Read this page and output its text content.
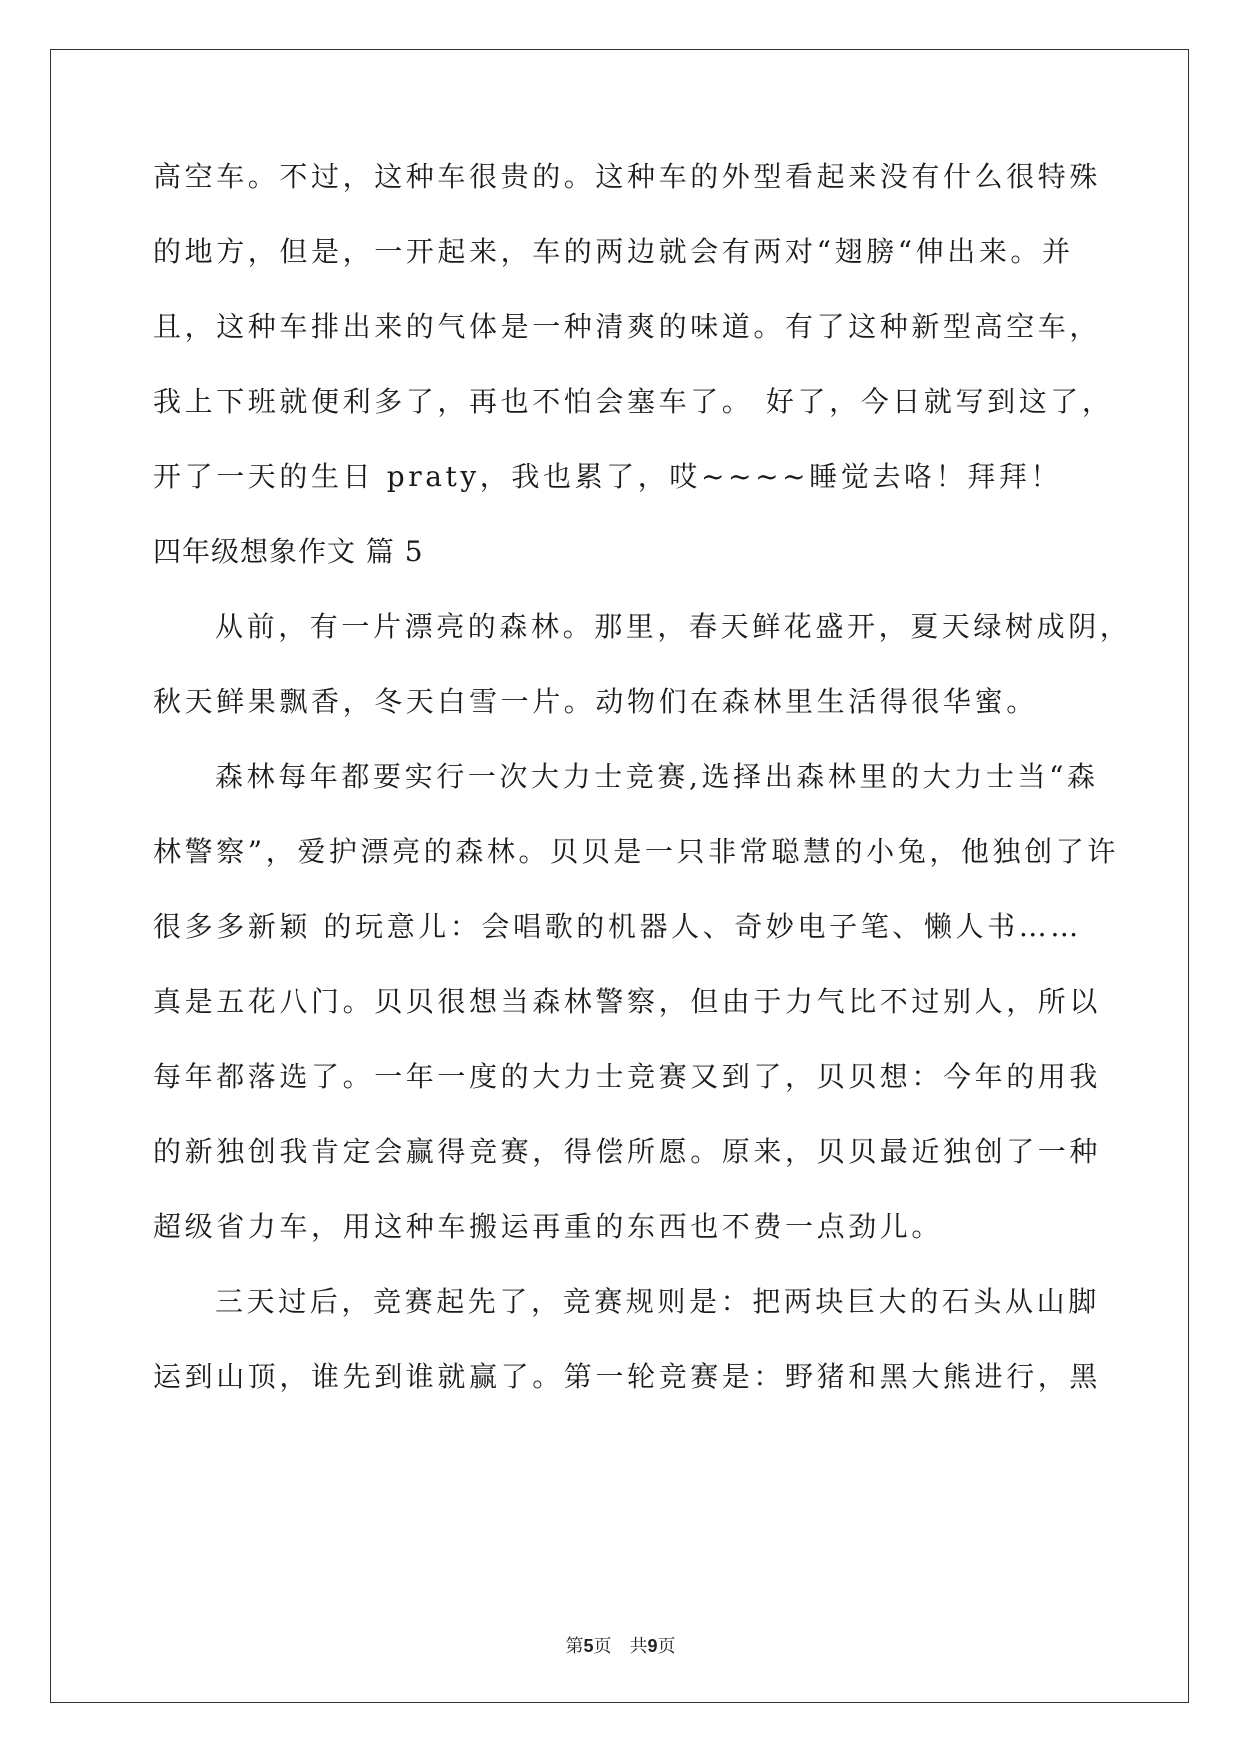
高空车。不过，这种车很贵的。这种车的外型看起来没有什么很特殊
的地方，但是，一开起来，车的两边就会有两对“翅膀“伸出来。并
且，这种车排出来的气体是一种清爽的味道。有了这种新型高空车，
我上下班就便利多了，再也不怕会塞车了。 好了，今日就写到这了，
开了一天的生日 praty，我也累了，哎~~~~睡觉去咯！拜拜！
四年级想象作文 篇 5
从前，有一片漂亮的森林。那里，春天鲜花盛开，夏天绿树成阴，
秋天鲜果飘香，冬天白雪一片。动物们在森林里生活得很华蜜。
森林每年都要实行一次大力士竞赛,选择出森林里的大力士当“森
林警察”，爱护漂亮的森林。贝贝是一只非常聪慧的小兔，他独创了许
很多多新颖 的玩意儿：会唱歌的机器人、奇妙电子笔、懒人书……
真是五花八门。贝贝很想当森林警察，但由于力气比不过别人，所以
每年都落选了。一年一度的大力士竞赛又到了，贝贝想：今年的用我
的新独创我肯定会赢得竞赛，得偿所愿。原来，贝贝最近独创了一种
超级省力车，用这种车搬运再重的东西也不费一点劲儿。
三天过后，竞赛起先了，竞赛规则是：把两块巨大的石头从山脚
运到山顶，谁先到谁就赢了。第一轮竞赛是：野猪和黑大熊进行，黑
第5页 共9页
